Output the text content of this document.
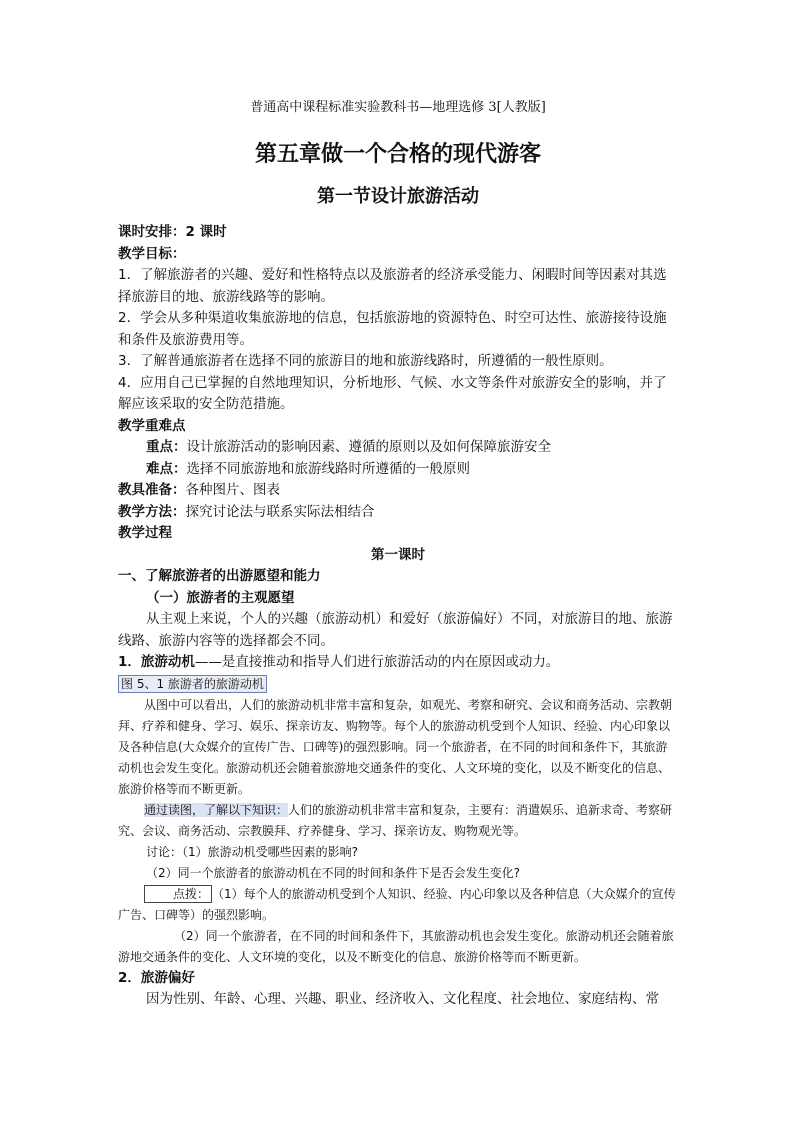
普通高中课程标准实验教科书—地理选修 3[人教版]
第五章做一个合格的现代游客
第一节设计旅游活动
课时安排：2 课时
教学目标：
1．了解旅游者的兴趣、爱好和性格特点以及旅游者的经济承受能力、闲暇时间等因素对其选择旅游目的地、旅游线路等的影响。
2．学会从多种渠道收集旅游地的信息，包括旅游地的资源特色、时空可达性、旅游接待设施和条件及旅游费用等。
3．了解普通旅游者在选择不同的旅游目的地和旅游线路时，所遵循的一般性原则。
4．应用自己已掌握的自然地理知识，分析地形、气候、水文等条件对旅游安全的影响，并了解应该采取的安全防范措施。
教学重难点
重点：设计旅游活动的影响因素、遵循的原则以及如何保障旅游安全
难点：选择不同旅游地和旅游线路时所遵循的一般原则
教具准备：各种图片、图表
教学方法：探究讨论法与联系实际法相结合
教学过程
第一课时
一、了解旅游者的出游愿望和能力
（一）旅游者的主观愿望
从主观上来说，个人的兴趣（旅游动机）和爱好（旅游偏好）不同，对旅游目的地、旅游线路、旅游内容等的选择都会不同。
1．旅游动机——是直接推动和指导人们进行旅游活动的内在原因或动力。
图 5、1 旅游者的旅游动机
从图中可以看出，人们的旅游动机非常丰富和复杂，如观光、考察和研究、会议和商务活动、宗教朝拜、疗养和健身、学习、娱乐、探亲访友、购物等。每个人的旅游动机受到个人知识、经验、内心印象以及各种信息(大众媒介的宣传广告、口碑等)的强烈影响。同一个旅游者，在不同的时间和条件下，其旅游动机也会发生变化。旅游动机还会随着旅游地交通条件的变化、人文环境的变化，以及不断变化的信息、旅游价格等而不断更新。
通过读图，了解以下知识：人们的旅游动机非常丰富和复杂，主要有：消遣娱乐、追新求奇、考察研究、会议、商务活动、宗教膜拜、疗养健身、学习、探亲访友、购物观光等。
讨论：（1）旅游动机受哪些因素的影响?
（2）同一个旅游者的旅游动机在不同的时间和条件下是否会发生变化?
点拨： （1）每个人的旅游动机受到个人知识、经验、内心印象以及各种信息（大众媒介的宣传广告、口碑等）的强烈影响。
（2）同一个旅游者，在不同的时间和条件下，其旅游动机也会发生变化。旅游动机还会随着旅游地交通条件的变化、人文环境的变化，以及不断变化的信息、旅游价格等而不断更新。
2．旅游偏好
因为性别、年龄、心理、兴趣、职业、经济收入、文化程度、社会地位、家庭结构、常
